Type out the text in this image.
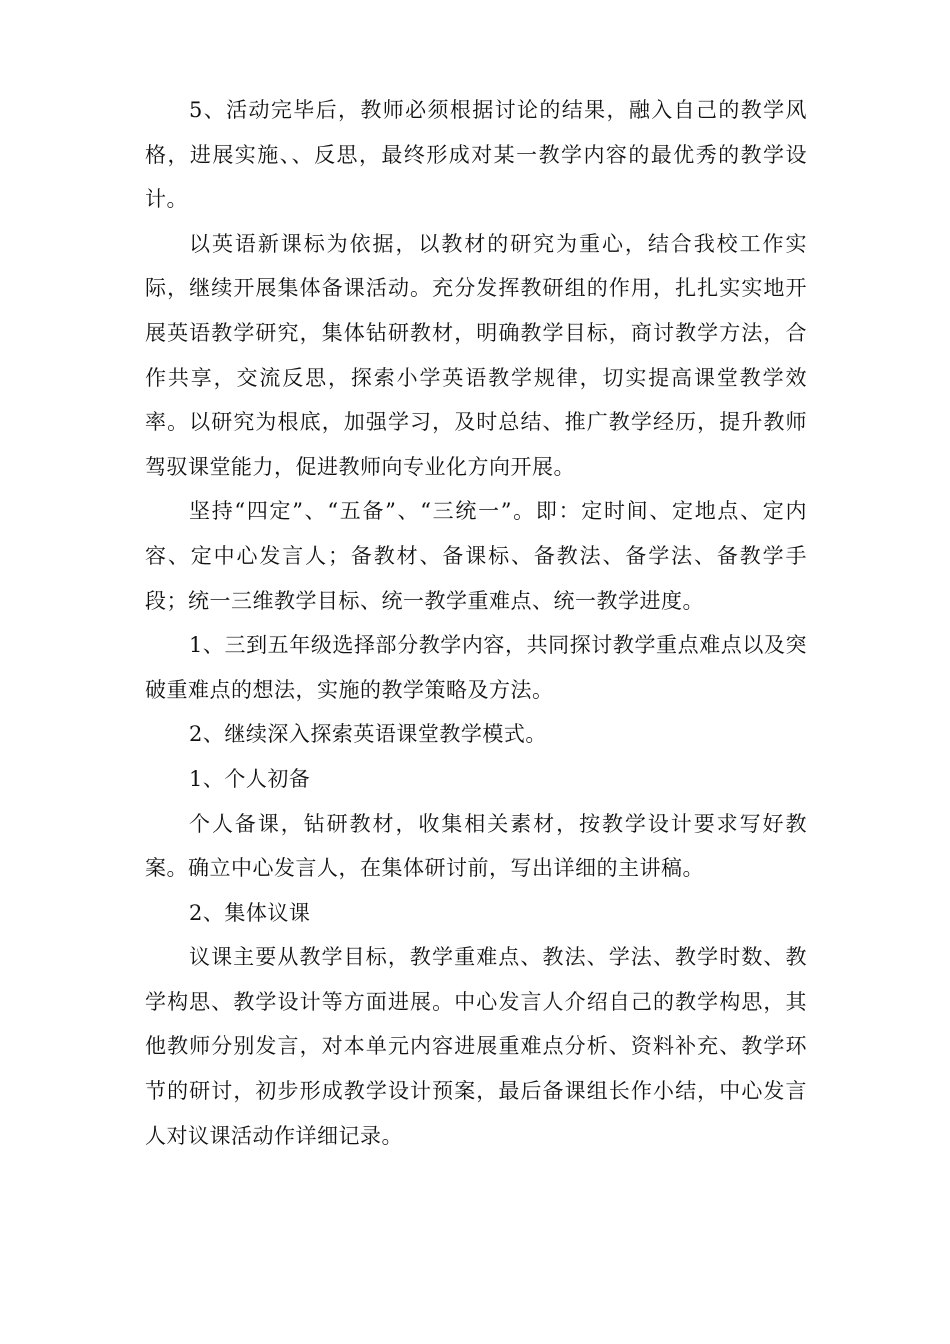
5、活动完毕后，教师必须根据讨论的结果，融入自己的教学风格，进展实施、、反思，最终形成对某一教学内容的最优秀的教学设计。

以英语新课标为依据，以教材的研究为重心，结合我校工作实际，继续开展集体备课活动。充分发挥教研组的作用，扎扎实实地开展英语教学研究，集体钻研教材，明确教学目标，商讨教学方法，合作共享，交流反思，探索小学英语教学规律，切实提高课堂教学效率。以研究为根底，加强学习，及时总结、推广教学经历，提升教师驾驭课堂能力，促进教师向专业化方向开展。

坚持“四定”、“五备”、“三统一”。即：定时间、定地点、定内容、定中心发言人；备教材、备课标、备教法、备学法、备教学手段；统一三维教学目标、统一教学重难点、统一教学进度。

1、三到五年级选择部分教学内容，共同探讨教学重点难点以及突破重难点的想法，实施的教学策略及方法。

2、继续深入探索英语课堂教学模式。

1、个人初备

个人备课，钻研教材，收集相关素材，按教学设计要求写好教案。确立中心发言人，在集体研讨前，写出详细的主讲稿。

2、集体议课

议课主要从教学目标，教学重难点、教法、学法、教学时数、教学构思、教学设计等方面进展。中心发言人介绍自己的教学构思，其他教师分别发言，对本单元内容进展重难点分析、资料补充、教学环节的研讨，初步形成教学设计预案，最后备课组长作小结，中心发言人对议课活动作详细记录。
